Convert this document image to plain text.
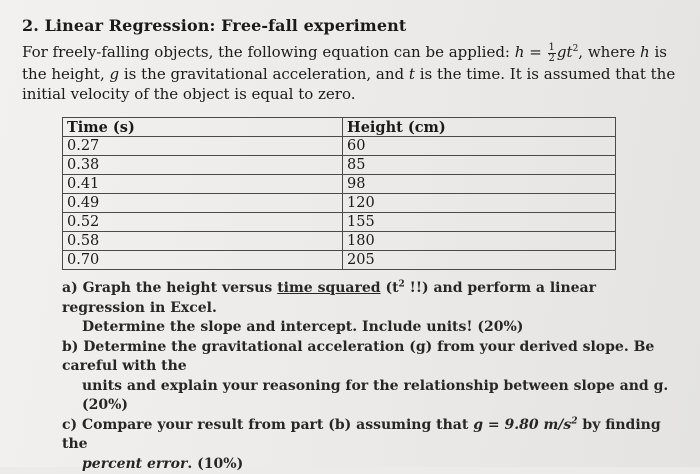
2. Linear Regression: Free-fall experiment
For freely-falling objects, the following equation can be applied: $h = \frac{1}{2} gt^2$, where h is the height, g is the gravitational acceleration, and t is the time. It is assumed that the initial velocity of the object is equal to zero.
Time (s)	Height (cm)
0.27	60
0.38	85
0.41	98
0.49	120
0.52	155
0.58	180
0.70	205

a) Graph the height versus time squared ($t^2$ !!) and perform a linear regression in Excel.
Determine the slope and intercept. Include units! (20%)

b) Determine the gravitational acceleration (g) from your derived slope. Be careful with the
units and explain your reasoning for the relationship between slope and g. (20%)

c) Compare your result from part (b) assuming that g = 9.80 $m/s^2$ by finding the
percent error. (10%)
